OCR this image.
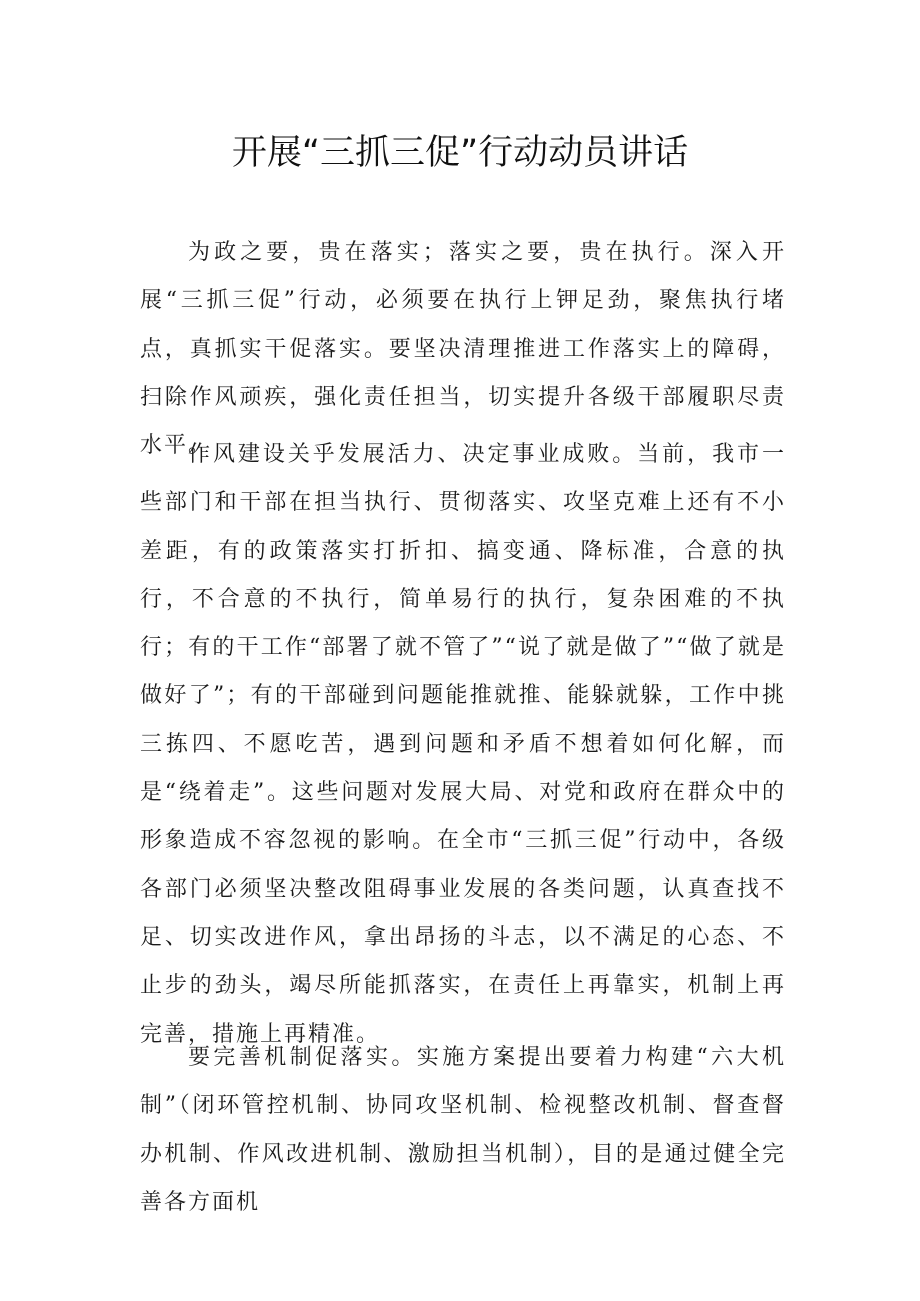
开展“三抓三促”行动动员讲话

为政之要，贵在落实；落实之要，贵在执行。深入开展“三抓三促”行动，必须要在执行上钾足劲，聚焦执行堵点，真抓实干促落实。要坚决清理推进工作落实上的障碍，扫除作风顽疾，强化责任担当，切实提升各级干部履职尽责水平。

作风建设关乎发展活力、决定事业成败。当前，我市一些部门和干部在担当执行、贯彻落实、攻坚克难上还有不小差距，有的政策落实打折扣、搞变通、降标准，合意的执行，不合意的不执行，简单易行的执行，复杂困难的不执行；有的干工作“部署了就不管了”“说了就是做了”“做了就是做好了”；有的干部碰到问题能推就推、能躲就躲，工作中挑三拣四、不愿吃苦，遇到问题和矛盾不想着如何化解，而是“绕着走”。这些问题对发展大局、对党和政府在群众中的形象造成不容忽视的影响。在全市“三抓三促”行动中，各级各部门必须坚决整改阻碍事业发展的各类问题，认真查找不足、切实改进作风，拿出昂扬的斗志，以不满足的心态、不止步的劲头，竭尽所能抓落实，在责任上再靠实，机制上再完善，措施上再精准。

要完善机制促落实。实施方案提出要着力构建“六大机制”（闭环管控机制、协同攻坚机制、检视整改机制、督查督办机制、作风改进机制、激励担当机制），目的是通过健全完善各方面机
